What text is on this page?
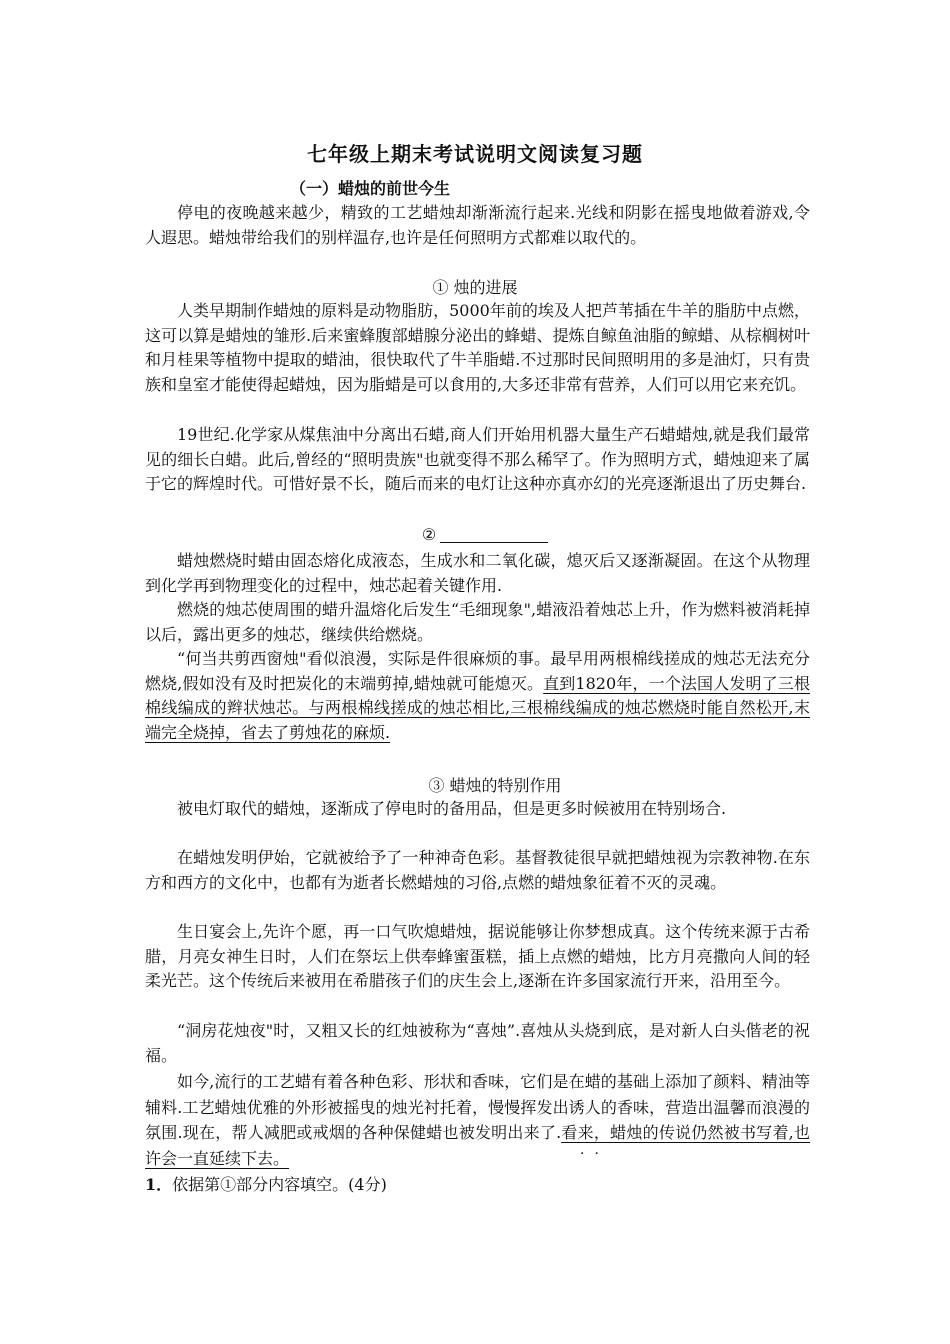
七年级上期末考试说明文阅读复习题
（一）蜡烛的前世今生
停电的夜晚越来越少，精致的工艺蜡烛却渐渐流行起来.光线和阴影在摇曳地做着游戏,令人遐思。蜡烛带给我们的别样温存,也许是任何照明方式都难以取代的。
① 烛的进展
人类早期制作蜡烛的原料是动物脂肪，5000年前的埃及人把芦苇插在牛羊的脂肪中点燃，这可以算是蜡烛的雏形.后来蜜蜂腹部蜡腺分泌出的蜂蜡、提炼自鲸鱼油脂的鲸蜡、从棕榈树叶和月桂果等植物中提取的蜡油，很快取代了牛羊脂蜡.不过那时民间照明用的多是油灯，只有贵族和皇室才能使得起蜡烛，因为脂蜡是可以食用的,大多还非常有营养，人们可以用它来充饥。
19世纪.化学家从煤焦油中分离出石蜡,商人们开始用机器大量生产石蜡蜡烛,就是我们最常见的细长白蜡。此后,曾经的“照明贵族"也就变得不那么稀罕了。作为照明方式，蜡烛迎来了属于它的辉煌时代。可惜好景不长，随后而来的电灯让这种亦真亦幻的光亮逐渐退出了历史舞台.
②
蜡烛燃烧时蜡由固态熔化成液态，生成水和二氧化碳，熄灭后又逐渐凝固。在这个从物理到化学再到物理变化的过程中，烛芯起着关键作用.
燃烧的烛芯使周围的蜡升温熔化后发生“毛细现象",蜡液沿着烛芯上升，作为燃料被消耗掉以后，露出更多的烛芯，继续供给燃烧。
“何当共剪西窗烛"看似浪漫，实际是件很麻烦的事。最早用两根棉线搓成的烛芯无法充分燃烧,假如没有及时把炭化的末端剪掉,蜡烛就可能熄灭。直到1820年，一个法国人发明了三根棉线编成的辫状烛芯。与两根棉线搓成的烛芯相比,三根棉线编成的烛芯燃烧时能自然松开,末端完全烧掉，省去了剪烛花的麻烦.
③ 蜡烛的特别作用
被电灯取代的蜡烛，逐渐成了停电时的备用品，但是更多时候被用在特别场合.
在蜡烛发明伊始，它就被给予了一种神奇色彩。基督教徒很早就把蜡烛视为宗教神物.在东方和西方的文化中，也都有为逝者长燃蜡烛的习俗,点燃的蜡烛象征着不灭的灵魂。
生日宴会上,先许个愿，再一口气吹熄蜡烛，据说能够让你梦想成真。这个传统来源于古希腊，月亮女神生日时，人们在祭坛上供奉蜂蜜蛋糕，插上点燃的蜡烛，比方月亮撒向人间的轻柔光芒。这个传统后来被用在希腊孩子们的庆生会上,逐渐在许多国家流行开来，沿用至今。
“洞房花烛夜"时，又粗又长的红烛被称为“喜烛”.喜烛从头烧到底，是对新人白头偕老的祝福。
如今,流行的工艺蜡有着各种色彩、形状和香味，它们是在蜡的基础上添加了颜料、精油等辅料.工艺蜡烛优雅的外形被摇曳的烛光衬托着，慢慢挥发出诱人的香味，营造出温馨而浪漫的氛围.现在，帮人减肥或戒烟的各种保健蜡也被发明出来了.看来，蜡烛的传说仍然被书写着,也许会一直延续下去。	··
1．依据第①部分内容填空。(4分)
